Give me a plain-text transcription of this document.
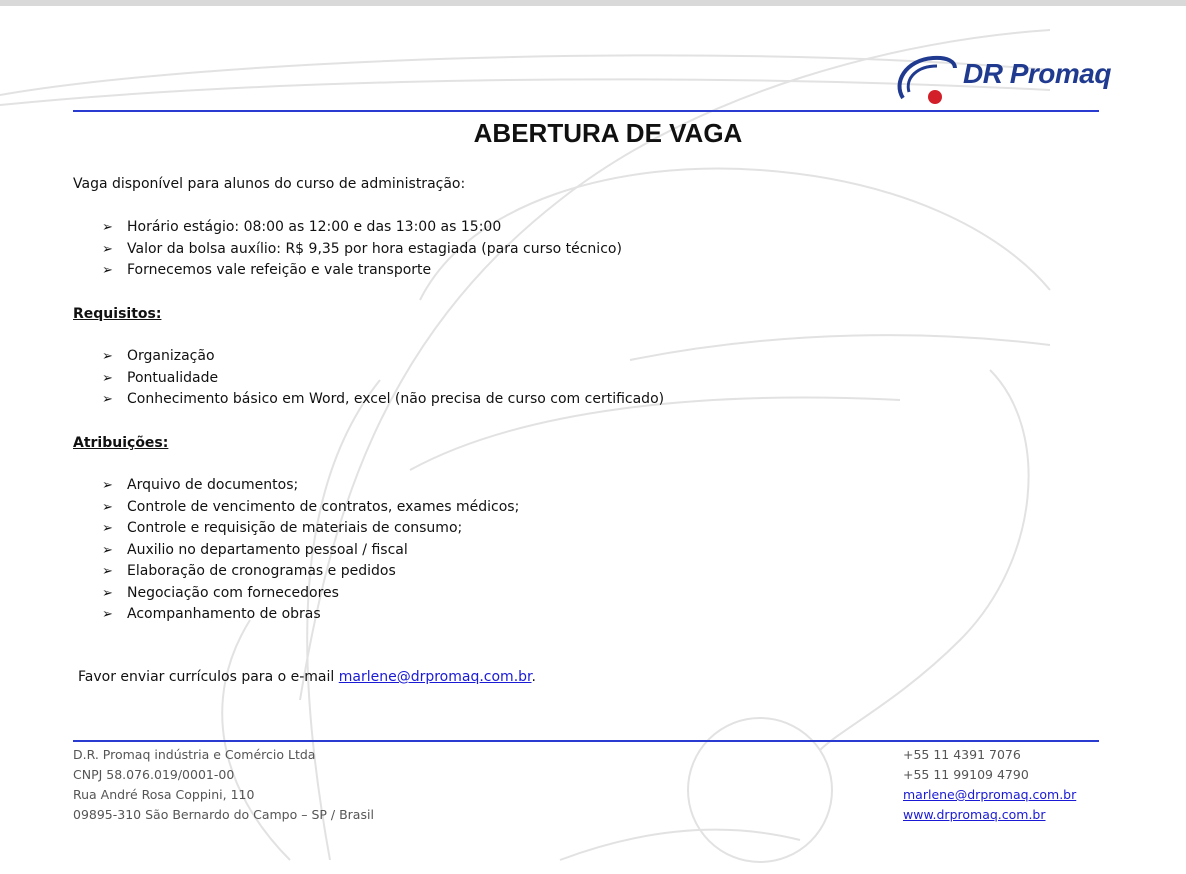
DR Promaq
ABERTURA DE VAGA
Vaga disponível para alunos do curso de administração:
➢ Horário estágio: 08:00 as 12:00 e das 13:00 as 15:00
➢ Valor da bolsa auxílio: R$ 9,35 por hora estagiada (para curso técnico)
➢ Fornecemos vale refeição e vale transporte
Requisitos:
➢ Organização
➢ Pontualidade
➢ Conhecimento básico em Word, excel (não precisa de curso com certificado)
Atribuições:
➢ Arquivo de documentos;
➢ Controle de vencimento de contratos, exames médicos;
➢ Controle e requisição de materiais de consumo;
➢ Auxilio no departamento pessoal / fiscal
➢ Elaboração de cronogramas e pedidos
➢ Negociação com fornecedores
➢ Acompanhamento de obras
Favor enviar currículos para o e-mail marlene@drpromaq.com.br.
D.R. Promaq indústria e Comércio Ltda
CNPJ 58.076.019/0001-00
Rua André Rosa Coppini, 110
09895-310 São Bernardo do Campo – SP / Brasil
+55 11 4391 7076
+55 11 99109 4790
marlene@drpromaq.com.br
www.drpromaq.com.br
